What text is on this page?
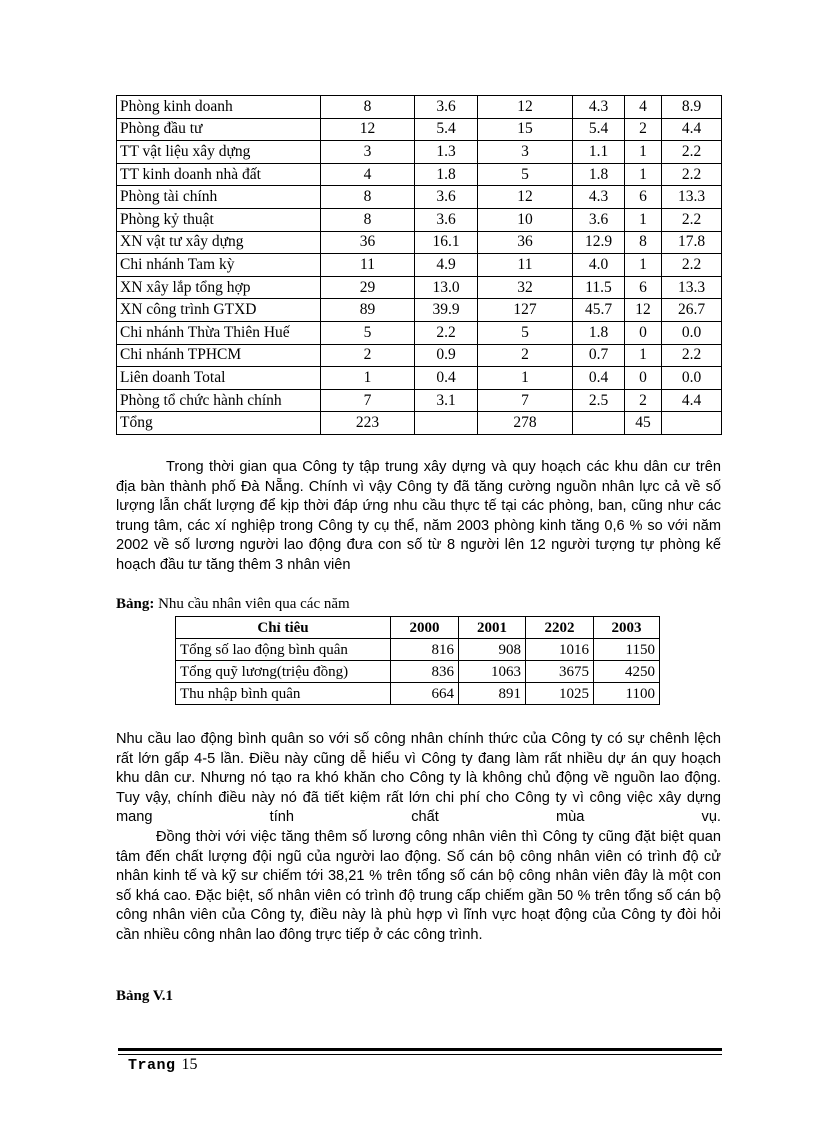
Phòng kinh doanh	8	3.6	12	4.3	4	8.9
Phòng đầu tư	12	5.4	15	5.4	2	4.4
TT vật liệu xây dựng	3	1.3	3	1.1	1	2.2
TT kinh doanh nhà đất	4	1.8	5	1.8	1	2.2
Phòng tài chính	8	3.6	12	4.3	6	13.3
Phòng kỷ thuật	8	3.6	10	3.6	1	2.2
XN vật tư xây dựng	36	16.1	36	12.9	8	17.8
Chi nhánh Tam kỳ	11	4.9	11	4.0	1	2.2
XN xây lắp tổng hợp	29	13.0	32	11.5	6	13.3
XN công trình GTXD	89	39.9	127	45.7	12	26.7
Chi nhánh Thừa Thiên Huế	5	2.2	5	1.8	0	0.0
Chi nhánh TPHCM	2	0.9	2	0.7	1	2.2
Liên doanh Total	1	0.4	1	0.4	0	0.0
Phòng tổ chức hành chính	7	3.1	7	2.5	2	4.4
Tổng	223		278		45	

Trong thời gian qua Công ty tập trung xây dựng và quy hoạch các khu dân cư trên địa bàn thành phố Đà Nẵng. Chính vì vậy Công ty đã tăng cường nguồn nhân lực cả về số lượng lẫn chất lượng để kịp thời đáp ứng nhu cầu thực tế tại các phòng, ban, cũng như các trung tâm, các xí nghiệp trong Công ty cụ thể, năm 2003 phòng kinh tăng 0,6 % so với năm 2002 về số lương người lao động đưa con số từ 8 người lên 12 người tượng tự phòng kế hoạch đầu tư tăng thêm 3 nhân viên

Bảng: Nhu cầu nhân viên qua các năm

Chỉ tiêu	2000	2001	2202	2003
Tổng số lao động bình quân	816	908	1016	1150
Tổng quỹ lương(triệu đồng)	836	1063	3675	4250
Thu nhập bình quân	664	891	1025	1100

Nhu cầu lao động bình quân so với số công nhân chính thức của Công ty có sự chênh lệch rất lớn gấp 4-5 lần. Điều này cũng dễ hiểu vì Công ty đang làm rất nhiều dự án quy hoạch khu dân cư. Nhưng nó tạo ra khó khăn cho Công ty là không chủ động về nguồn lao động. Tuy vậy, chính điều này nó đã tiết kiệm rất lớn chi phí cho Công ty vì công việc xây dựng mang tính chất mùa vụ.

Đồng thời với việc tăng thêm số lương công nhân viên thì Công ty cũng đặt biệt quan tâm đến chất lượng đội ngũ của người lao động. Số cán bộ công nhân viên có trình độ cử nhân kinh tế và kỹ sư chiếm tới 38,21 % trên tổng số cán bộ công nhân viên đây là một con số khá cao. Đặc biệt, số nhân viên có trình độ trung cấp chiếm gần 50 % trên tổng số cán bộ công nhân viên của Công ty, điều này là phù hợp vì lĩnh vực hoạt động của Công ty đòi hỏi cần nhiều công nhân lao đông trực tiếp ở các công trình.

Bảng V.1

Trang 15
